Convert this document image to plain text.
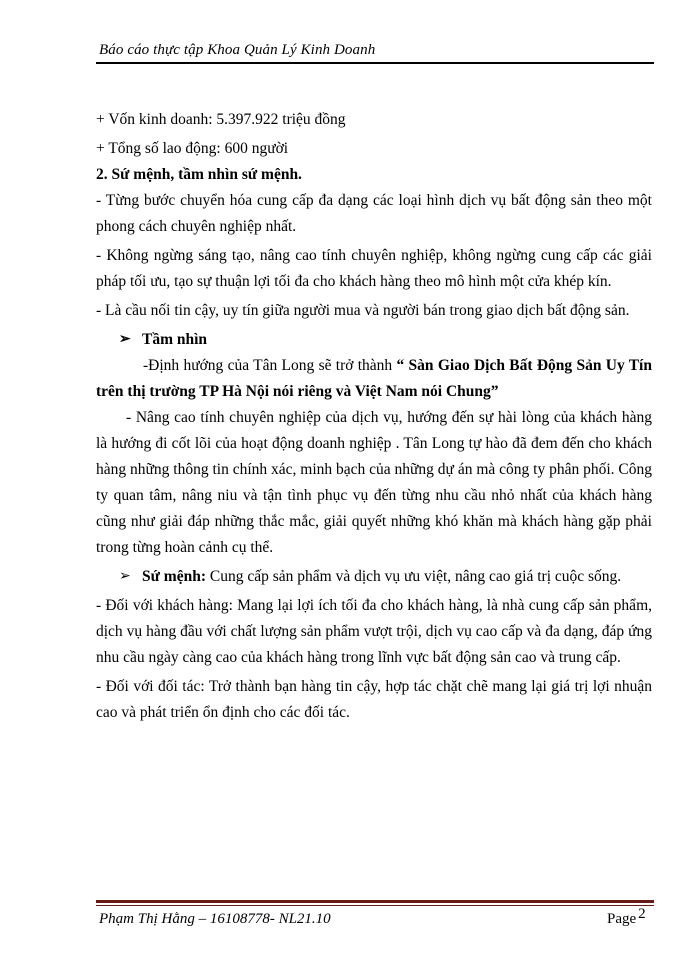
Báo cáo thực tập Khoa Quản Lý Kinh Doanh

+ Vốn kinh doanh: 5.397.922 triệu đồng

+ Tổng số lao động: 600 người

2. Sứ mệnh, tầm nhìn sứ mệnh.

- Từng bước chuyển hóa cung cấp đa dạng các loại hình dịch vụ bất động sản theo một phong cách chuyên nghiệp nhất.

- Không ngừng sáng tạo, nâng cao tính chuyên nghiệp, không ngừng cung cấp các giải pháp tối ưu, tạo sự thuận lợi tối đa cho khách hàng theo mô hình một cửa khép kín.

- Là cầu nối tin cậy, uy tín giữa người mua và người bán trong giao dịch bất động sản.

➢ Tầm nhìn

-Định hướng của Tân Long sẽ trở thành “ Sàn Giao Dịch Bất Động Sản Uy Tín trên thị trường TP Hà Nội nói riêng và Việt Nam nói Chung”

- Nâng cao tính chuyên nghiệp của dịch vụ, hướng đến sự hài lòng của khách hàng là hướng đi cốt lõi của hoạt động doanh nghiệp . Tân Long tự hào đã đem đến cho khách hàng những thông tin chính xác, minh bạch của những dự án mà công ty phân phối. Công ty quan tâm, nâng niu và tận tình phục vụ đến từng nhu cầu nhỏ nhất của khách hàng cũng như giải đáp những thắc mắc, giải quyết những khó khăn mà khách hàng gặp phải trong từng hoàn cảnh cụ thể.

➢ Sứ mệnh: Cung cấp sản phẩm và dịch vụ ưu việt, nâng cao giá trị cuộc sống.

- Đối với khách hàng: Mang lại lợi ích tối đa cho khách hàng, là nhà cung cấp sản phẩm, dịch vụ hàng đầu với chất lượng sản phẩm vượt trội, dịch vụ cao cấp và đa dạng, đáp ứng nhu cầu ngày càng cao của khách hàng trong lĩnh vực bất động sản cao và trung cấp.

- Đối với đối tác: Trở thành bạn hàng tin cậy, hợp tác chặt chẽ mang lại giá trị lợi nhuận cao và phát triển ổn định cho các đối tác.

Phạm Thị Hằng – 16108778- NL21.10	Page 2
